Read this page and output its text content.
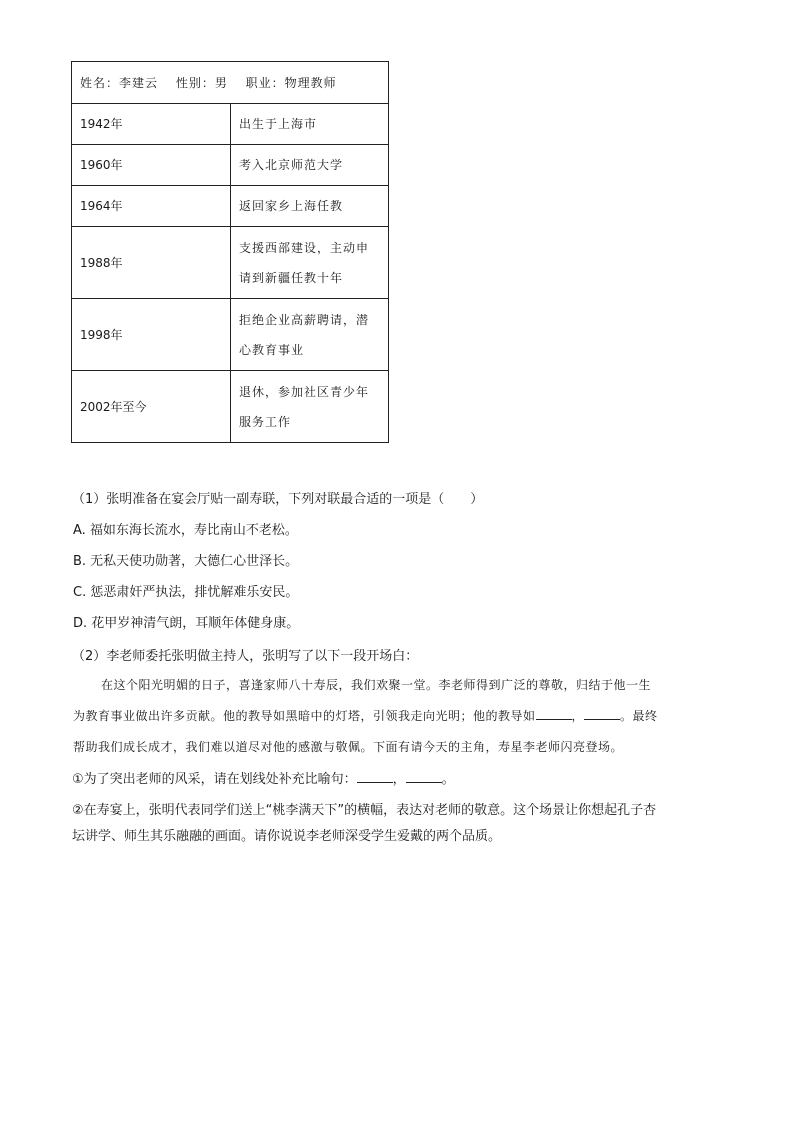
姓名：李建云　 性别：男　 职业：物理教师	
1942年	出生于上海市
1960年	考入北京师范大学
1964年	返回家乡上海任教
1988年	支援西部建设，主动申
请到新疆任教十年

1998年	拒绝企业高薪聘请，潜
心教育事业

2002年至今	退休，参加社区青少年
服务工作
（1）张明准备在宴会厅贴一副寿联，下列对联最合适的一项是（　　）
A. 福如东海长流水，寿比南山不老松。
B. 无私天使功勋著，大德仁心世泽长。
C. 惩恶肃奸严执法，排忧解难乐安民。
D. 花甲岁神清气朗，耳顺年体健身康。
（2）李老师委托张明做主持人，张明写了以下一段开场白：

在这个阳光明媚的日子，喜逢家师八十寿辰，我们欢聚一堂。李老师得到广泛的尊敬，归结于他一生

为教育事业做出许多贡献。他的教导如黑暗中的灯塔，引领我走向光明；他的教导如	，	。最终

帮助我们成长成才，我们难以道尽对他的感激与敬佩。下面有请今天的主角，寿星李老师闪亮登场。

①为了突出老师的风采，请在划线处补充比喻句：	，	。
②在寿宴上，张明代表同学们送上“桃李满天下”的横幅，表达对老师的敬意。这个场景让你想起孔子杏
坛讲学、师生其乐融融的画面。请你说说李老师深受学生爱戴的两个品质。
